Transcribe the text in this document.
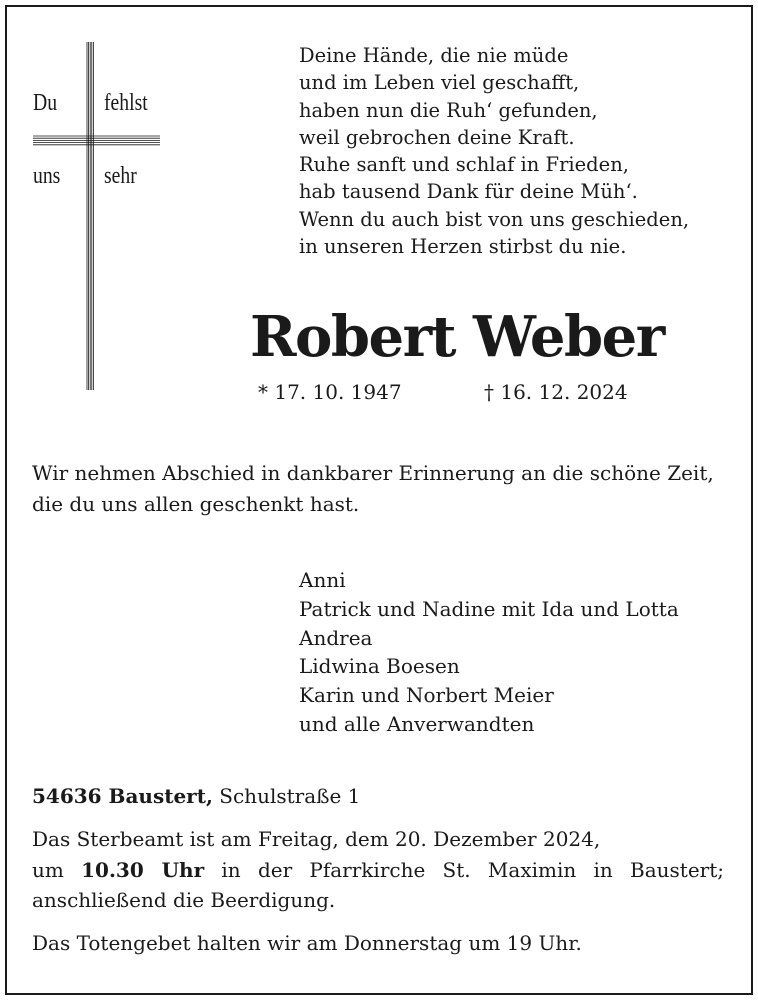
Du fehlst
uns sehr
Deine Hände, die nie müde
und im Leben viel geschafft,
haben nun die Ruh‘ gefunden,
weil gebrochen deine Kraft.
Ruhe sanft und schlaf in Frieden,
hab tausend Dank für deine Müh‘.
Wenn du auch bist von uns geschieden,
in unseren Herzen stirbst du nie.
Robert Weber
* 17. 10. 1947	† 16. 12. 2024
Wir nehmen Abschied in dankbarer Erinnerung an die schöne Zeit, die du uns allen geschenkt hast.
Anni
Patrick und Nadine mit Ida und Lotta
Andrea
Lidwina Boesen
Karin und Norbert Meier
und alle Anverwandten
54636 Baustert, Schulstraße 1
Das Sterbeamt ist am Freitag, dem 20. Dezember 2024,
um 10.30 Uhr in der Pfarrkirche St. Maximin in Baustert;
anschließend die Beerdigung.
Das Totengebet halten wir am Donnerstag um 19 Uhr.
